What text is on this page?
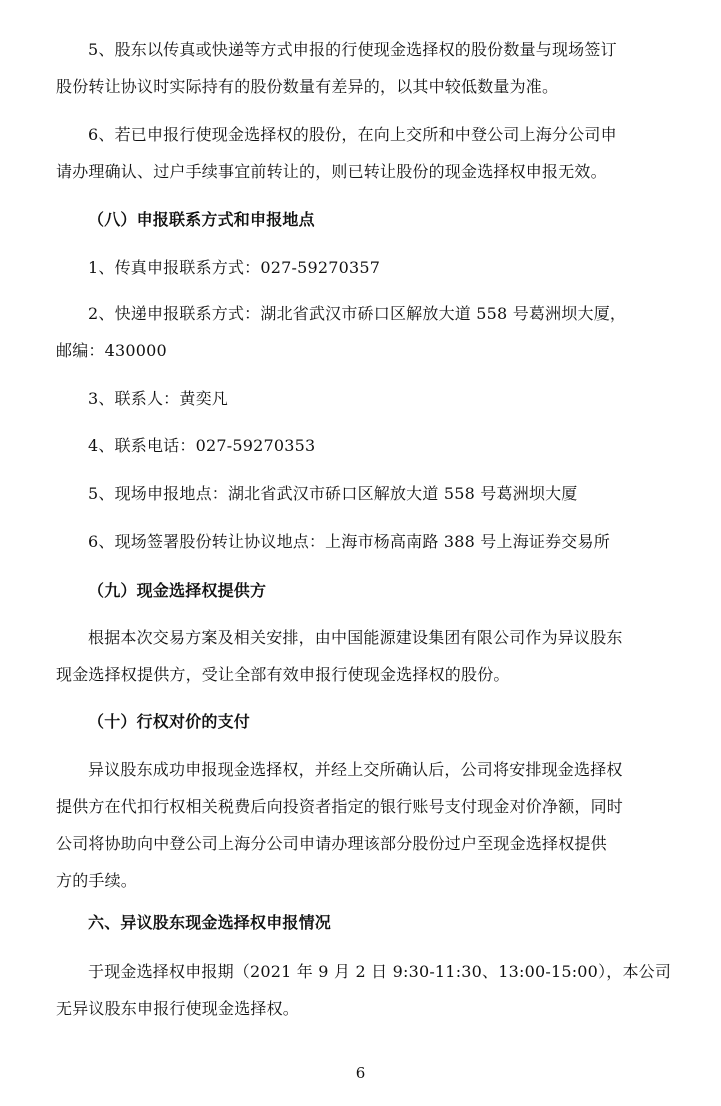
5、股东以传真或快递等方式申报的行使现金选择权的股份数量与现场签订
股份转让协议时实际持有的股份数量有差异的，以其中较低数量为准。
6、若已申报行使现金选择权的股份，在向上交所和中登公司上海分公司申
请办理确认、过户手续事宜前转让的，则已转让股份的现金选择权申报无效。
（八）申报联系方式和申报地点
1、传真申报联系方式：027-59270357
2、快递申报联系方式：湖北省武汉市硚口区解放大道 558 号葛洲坝大厦，
邮编：430000
3、联系人：黄奕凡
4、联系电话：027-59270353
5、现场申报地点：湖北省武汉市硚口区解放大道 558 号葛洲坝大厦
6、现场签署股份转让协议地点：上海市杨高南路 388 号上海证券交易所
（九）现金选择权提供方
根据本次交易方案及相关安排，由中国能源建设集团有限公司作为异议股东
现金选择权提供方，受让全部有效申报行使现金选择权的股份。
（十）行权对价的支付
异议股东成功申报现金选择权，并经上交所确认后，公司将安排现金选择权
提供方在代扣行权相关税费后向投资者指定的银行账号支付现金对价净额，同时
公司将协助向中登公司上海分公司申请办理该部分股份过户至现金选择权提供
方的手续。
六、异议股东现金选择权申报情况
于现金选择权申报期（2021 年 9 月 2 日 9:30-11:30、13:00-15:00），本公司
无异议股东申报行使现金选择权。
6
